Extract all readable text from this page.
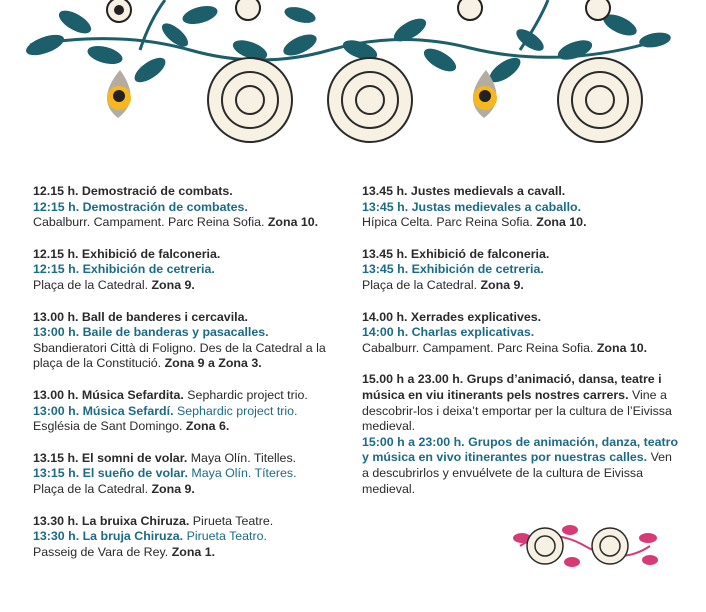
12.15 h. Demostració de combats.
12:15 h. Demostración de combates.
Cabalburr. Campament. Parc Reina Sofia. Zona 10.
12.15 h. Exhibició de falconeria.
12:15 h. Exhibición de cetreria.
Plaça de la Catedral. Zona 9.
13.00 h. Ball de banderes i cercavila.
13:00 h. Baile de banderas y pasacalles.
Sbandieratori Città di Foligno. Des de la Catedral a la plaça de la Constitució. Zona 9 a Zona 3.
13.00 h. Música Sefardita. Sephardic project trio.
13:00 h. Música Sefardí. Sephardic project trio.
Església de Sant Domingo. Zona 6.
13.15 h. El somni de volar. Maya Olín. Titelles.
13:15 h. El sueño de volar. Maya Olín. Títeres.
Plaça de la Catedral. Zona 9.
13.30 h. La bruixa Chiruza. Pirueta Teatre.
13:30 h. La bruja Chiruza. Pirueta Teatro.
Passeig de Vara de Rey. Zona 1.
13.45 h. Justes medievals a cavall.
13:45 h. Justas medievales a caballo.
Hípica Celta. Parc Reina Sofia. Zona 10.
13.45 h. Exhibició de falconeria.
13:45 h. Exhibición de cetreria.
Plaça de la Catedral. Zona 9.
14.00 h. Xerrades explicatives.
14:00 h. Charlas explicativas.
Cabalburr. Campament. Parc Reina Sofia. Zona 10.
15.00 h a 23.00 h. Grups d’animació, dansa, teatre i música en viu itinerants pels nostres carrers. Vine a descobrir-los i deixa’t emportar per la cultura de l’Eivissa medieval.
15:00 h a 23:00 h. Grupos de animación, danza, teatro y música en vivo itinerantes por nuestras calles. Ven a descubrirlos y envuélvete de la cultura de Eivissa medieval.
